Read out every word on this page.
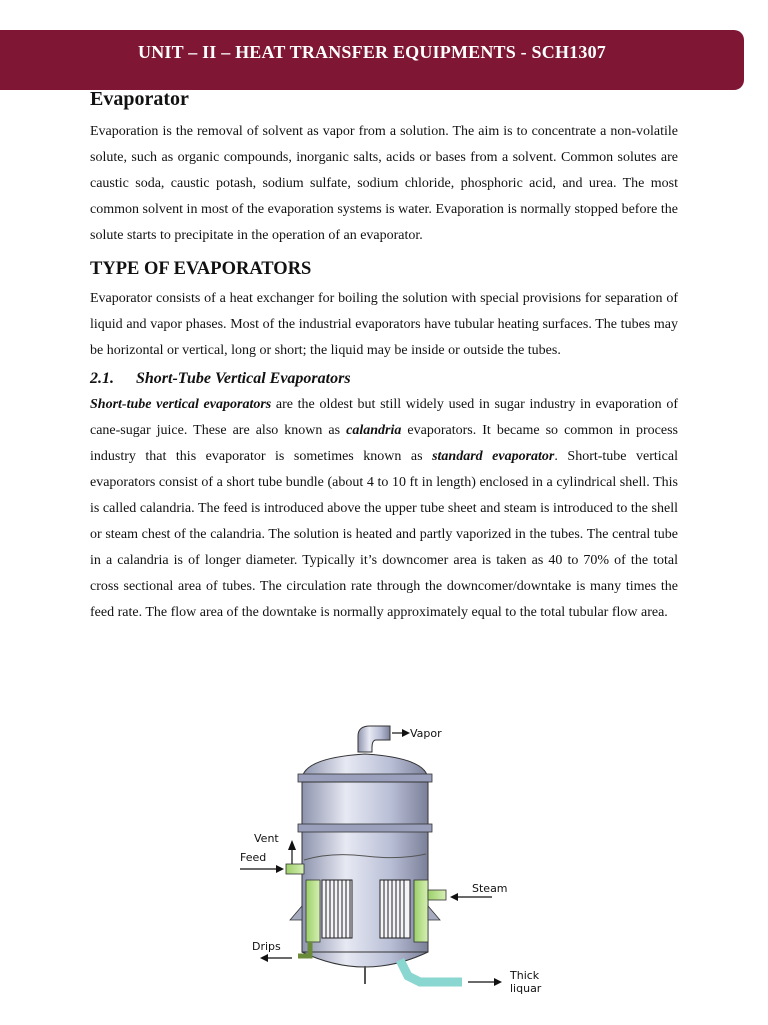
UNIT – II – HEAT TRANSFER EQUIPMENTS - SCH1307
Evaporator

Evaporation is the removal of solvent as vapor from a solution. The aim is to concentrate a non-volatile solute, such as organic compounds, inorganic salts, acids or bases from a solvent. Common solutes are caustic soda, caustic potash, sodium sulfate, sodium chloride, phosphoric acid, and urea. The most common solvent in most of the evaporation systems is water. Evaporation is normally stopped before the solute starts to precipitate in the operation of an evaporator.

TYPE OF EVAPORATORS

Evaporator consists of a heat exchanger for boiling the solution with special provisions for separation of liquid and vapor phases. Most of the industrial evaporators have tubular heating surfaces. The tubes may be horizontal or vertical, long or short; the liquid may be inside or outside the tubes.

2.1.	Short-Tube Vertical Evaporators

Short-tube vertical evaporators are the oldest but still widely used in sugar industry in evaporation of cane-sugar juice. These are also known as calandria evaporators. It became so common in process industry that this evaporator is sometimes known as standard evaporator. Short-tube vertical evaporators consist of a short tube bundle (about 4 to 10 ft in length) enclosed in a cylindrical shell. This is called calandria. The feed is introduced above the upper tube sheet and steam is introduced to the shell or steam chest of the calandria. The solution is heated and partly vaporized in the tubes. The central tube in a calandria is of longer diameter. Typically it’s downcomer area is taken as 40 to 70% of the total cross sectional area of tubes. The circulation rate through the downcomer/downtake is many times the feed rate. The flow area of the downtake is normally approximately equal to the total tubular flow area.

Vapor
Vent
Feed
Steam
Drips
Thick
liquar
